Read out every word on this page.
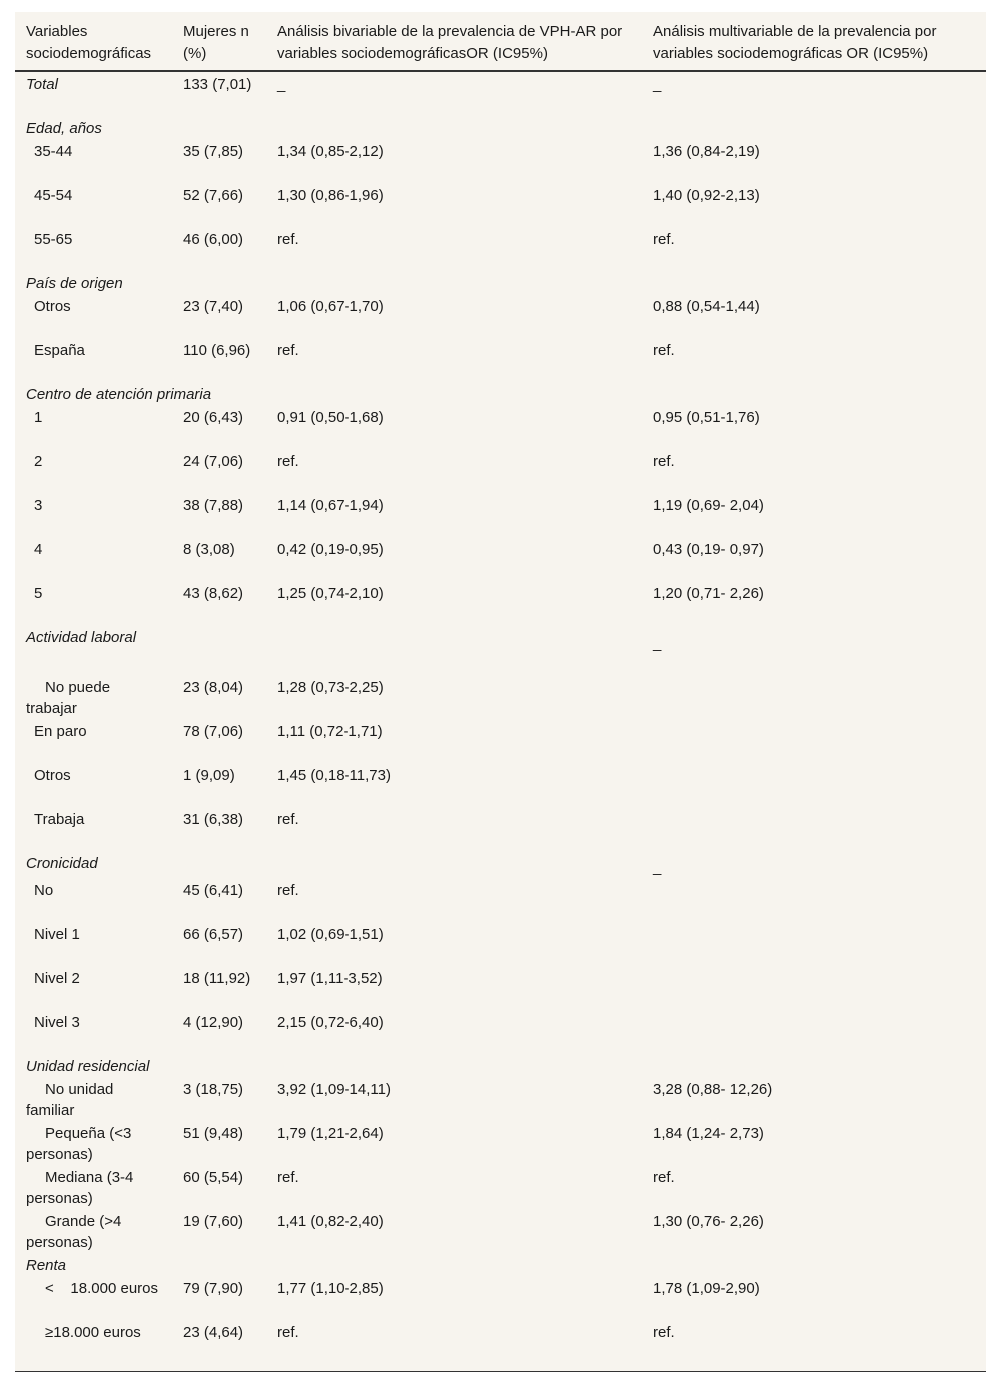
Variables sociodemográficas	Mujeres n (%)	Análisis bivariable de la prevalencia de VPH-AR por variables sociodemográficasOR (IC95%)	Análisis multivariable de la prevalencia por variables sociodemográficas OR (IC95%)
Total	133 (7,01)	_	_
Edad, años			
35-44	35 (7,85)	1,34 (0,85-2,12)	1,36 (0,84-2,19)
45-54	52 (7,66)	1,30 (0,86-1,96)	1,40 (0,92-2,13)
55-65	46 (6,00)	ref.	ref.
País de origen			
Otros	23 (7,40)	1,06 (0,67-1,70)	0,88 (0,54-1,44)
España	110 (6,96)	ref.	ref.
Centro de atención primaria			
1	20 (6,43)	0,91 (0,50-1,68)	0,95 (0,51-1,76)
2	24 (7,06)	ref.	ref.
3	38 (7,88)	1,14 (0,67-1,94)	1,19 (0,69- 2,04)
4	8 (3,08)	0,42 (0,19-0,95)	0,43 (0,19- 0,97)
5	43 (8,62)	1,25 (0,74-2,10)	1,20 (0,71- 2,26)
Actividad laboral			_
No puede trabajar	23 (8,04)	1,28 (0,73-2,25)	
En paro	78 (7,06)	1,11 (0,72-1,71)	
Otros	1 (9,09)	1,45 (0,18-11,73)	
Trabaja	31 (6,38)	ref.	
Cronicidad			_
No	45 (6,41)	ref.	
Nivel 1	66 (6,57)	1,02 (0,69-1,51)	
Nivel 2	18 (11,92)	1,97 (1,11-3,52)	
Nivel 3	4 (12,90)	2,15 (0,72-6,40)	
Unidad residencial			
No unidad familiar	3 (18,75)	3,92 (1,09-14,11)	3,28 (0,88- 12,26)
Pequeña (<3 personas)	51 (9,48)	1,79 (1,21-2,64)	1,84 (1,24- 2,73)
Mediana (3-4 personas)	60 (5,54)	ref.	ref.
Grande (>4 personas)	19 (7,60)	1,41 (0,82-2,40)	1,30 (0,76- 2,26)
Renta			
<    18.000 euros	79 (7,90)	1,77 (1,10-2,85)	1,78 (1,09-2,90)
≥18.000 euros	23 (4,64)	ref.	ref.
